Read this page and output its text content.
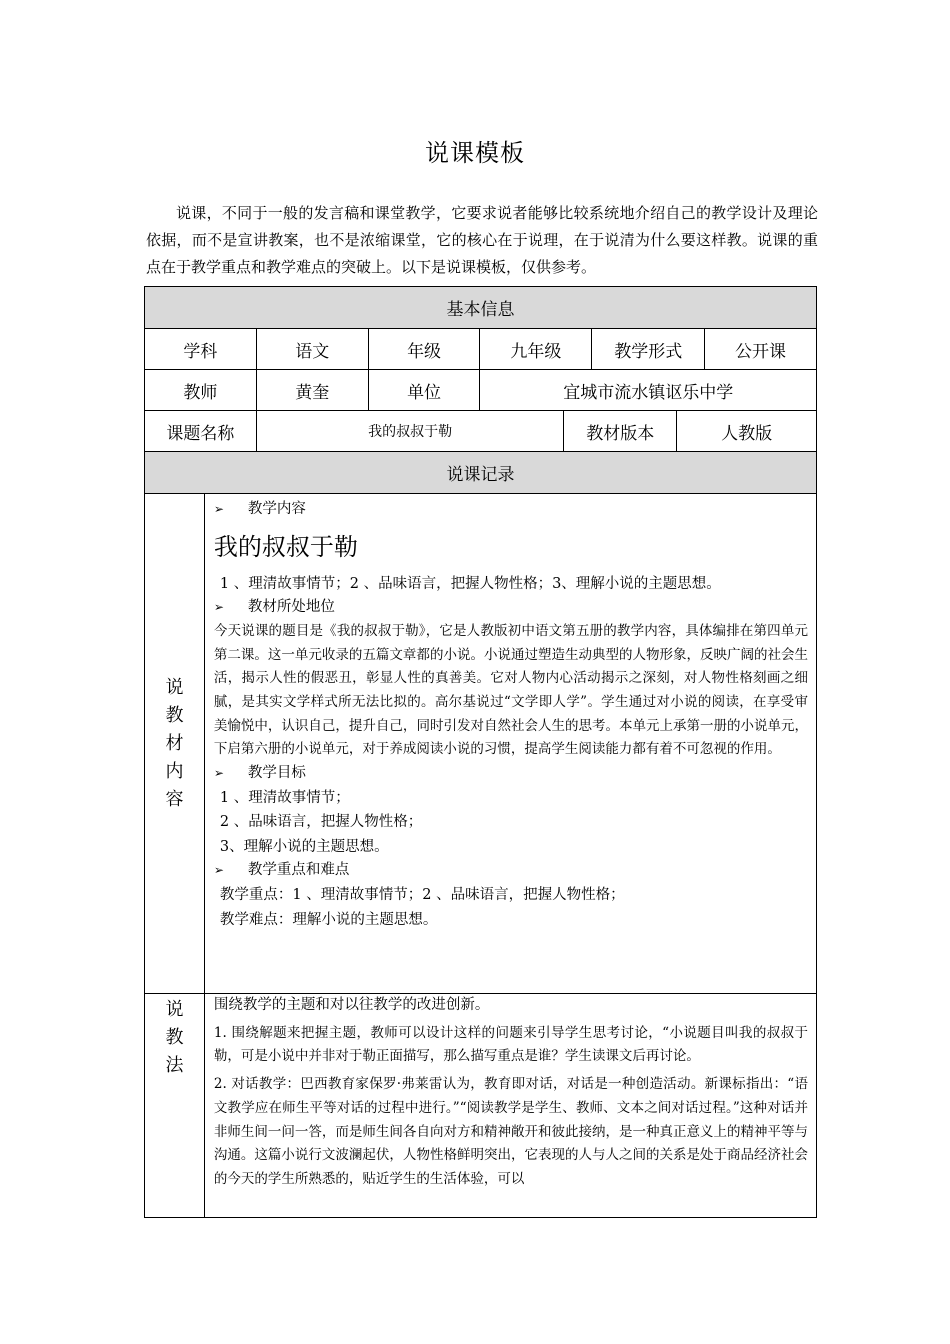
说课模板
说课，不同于一般的发言稿和课堂教学，它要求说者能够比较系统地介绍自己的教学设计及理论依据，而不是宣讲教案，也不是浓缩课堂，它的核心在于说理，在于说清为什么要这样教。说课的重点在于教学重点和教学难点的突破上。以下是说课模板，仅供参考。
基本信息
学科	语文	年级	九年级	教学形式	公开课
教师	黄奎	单位	宜城市流水镇讴乐中学
课题名称	我的叔叔于勒	教材版本	人教版
说课记录
说
教
材
内
容
➢	教学内容
我的叔叔于勒
1 、理清故事情节；2 、品味语言，把握人物性格；3、理解小说的主题思想。
➢	教材所处地位

今天说课的题目是《我的叔叔于勒》，它是人教版初中语文第五册的教学内容，具体编排在第四单元第二课。这一单元收录的五篇文章都的小说。小说通过塑造生动典型的人物形象，反映广阔的社会生活，揭示人性的假恶丑，彰显人性的真善美。它对人物内心活动揭示之深刻，对人物性格刻画之细腻，是其实文学样式所无法比拟的。高尔基说过“文学即人学”。学生通过对小说的阅读，在享受审美愉悦中，认识自己，提升自己，同时引发对自然社会人生的思考。本单元上承第一册的小说单元，下启第六册的小说单元，对于养成阅读小说的习惯，提高学生阅读能力都有着不可忽视的作用。

➢	教学目标
1 、理清故事情节；
2 、品味语言，把握人物性格；
3、理解小说的主题思想。
➢	教学重点和难点
教学重点：1 、理清故事情节；2 、品味语言，把握人物性格；
教学难点：理解小说的主题思想。
说
教
法

围绕教学的主题和对以往教学的改进创新。

1. 围绕解题来把握主题，教师可以设计这样的问题来引导学生思考讨论，“小说题目叫我的叔叔于勒，可是小说中并非对于勒正面描写，那么描写重点是谁？学生读课文后再讨论。

2. 对话教学：巴西教育家保罗·弗莱雷认为，教育即对话，对话是一种创造活动。新课标指出：“语文教学应在师生平等对话的过程中进行。”“阅读教学是学生、教师、文本之间对话过程。”这种对话并非师生间一问一答，而是师生间各自向对方和精神敞开和彼此接纳，是一种真正意义上的精神平等与沟通。这篇小说行文波澜起伏，人物性格鲜明突出，它表现的人与人之间的关系是处于商品经济社会的今天的学生所熟悉的，贴近学生的生活体验，可以
